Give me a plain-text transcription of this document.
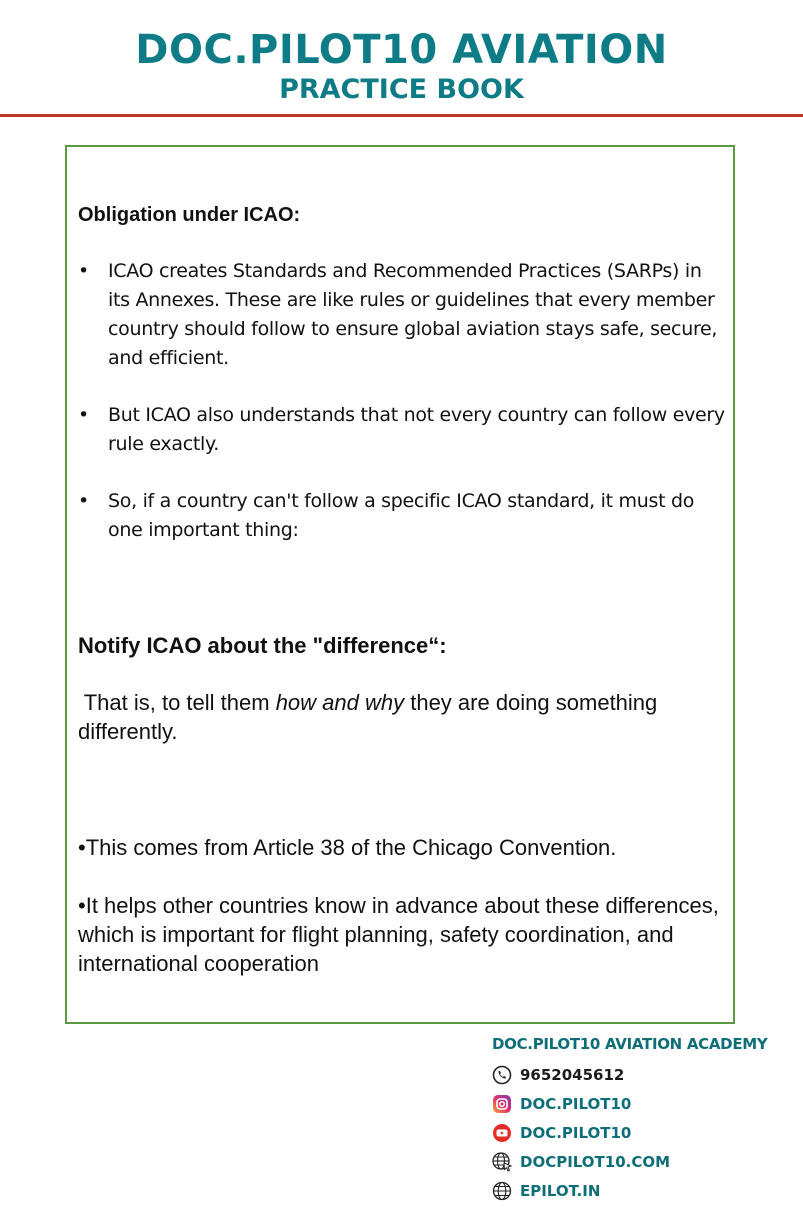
DOC.PILOT10 AVIATION
PRACTICE BOOK
Obligation under ICAO:
• ICAO creates Standards and Recommended Practices (SARPs) in its Annexes. These are like rules or guidelines that every member country should follow to ensure global aviation stays safe, secure, and efficient.
• But ICAO also understands that not every country can follow every rule exactly.
• So, if a country can't follow a specific ICAO standard, it must do one important thing:
Notify ICAO about the "difference“:
That is, to tell them how and why they are doing something differently.
•This comes from Article 38 of the Chicago Convention.
•It helps other countries know in advance about these differences,  which is important for flight planning, safety coordination, and international cooperation
DOC.PILOT10 AVIATION ACADEMY
9652045612
DOC.PILOT10
DOC.PILOT10
DOCPILOT10.COM
EPILOT.IN
